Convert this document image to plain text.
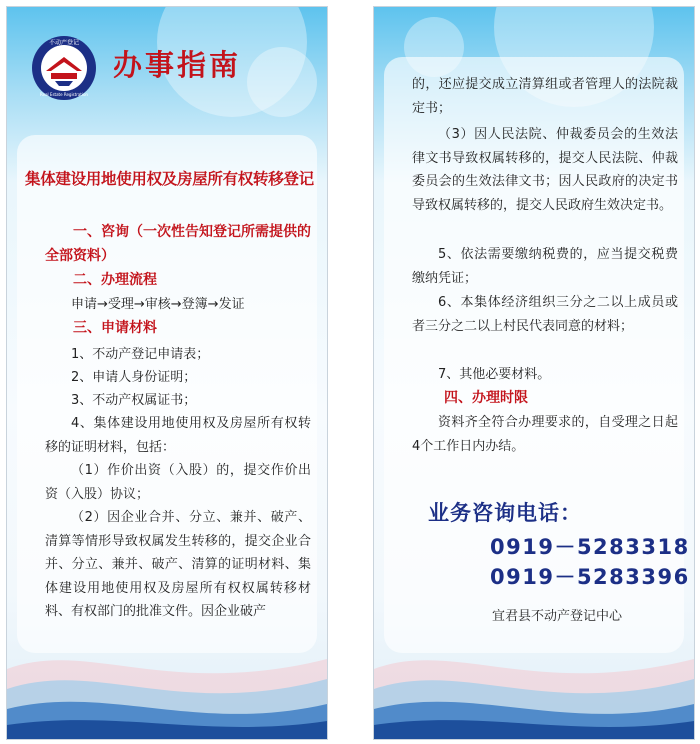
不动产登记
Real Estate Registration
办事指南
集体建设用地使用权及房屋所有权转移登记

一、咨询（一次性告知登记所需提供的全部资料）

二、办理流程

申请→受理→审核→登簿→发证

三、申请材料

1、不动产登记申请表；

2、申请人身份证明；

3、不动产权属证书；

4、集体建设用地使用权及房屋所有权转移的证明材料，包括：

（1）作价出资（入股）的，提交作价出资（入股）协议；

（2）因企业合并、分立、兼并、破产、清算等情形导致权属发生转移的，提交企业合并、分立、兼并、破产、清算的证明材料、集体建设用地使用权及房屋所有权权属转移材料、有权部门的批准文件。因企业破产

的，还应提交成立清算组或者管理人的法院裁定书；

（3）因人民法院、仲裁委员会的生效法律文书导致权属转移的，提交人民法院、仲裁委员会的生效法律文书；因人民政府的决定书导致权属转移的，提交人民政府生效决定书。

5、依法需要缴纳税费的，应当提交税费缴纳凭证；

6、本集体经济组织三分之二以上成员或者三分之二以上村民代表同意的材料；

7、其他必要材料。

四、办理时限

资料齐全符合办理要求的，自受理之日起4个工作日内办结。

业务咨询电话：
0919－5283318
0919－5283396
宜君县不动产登记中心
